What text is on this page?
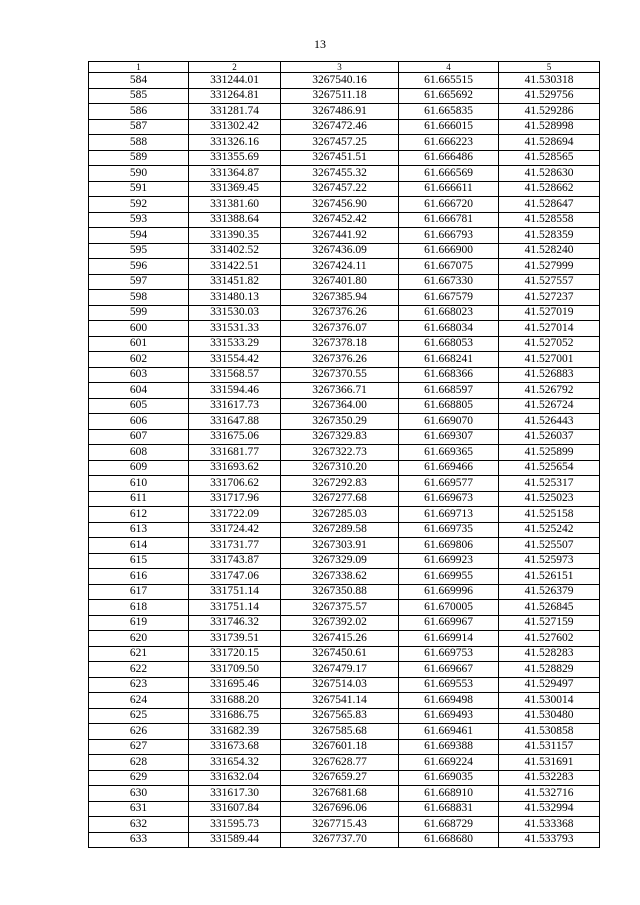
13
1	2	3	4	5
584	331244.01	3267540.16	61.665515	41.530318
585	331264.81	3267511.18	61.665692	41.529756
586	331281.74	3267486.91	61.665835	41.529286
587	331302.42	3267472.46	61.666015	41.528998
588	331326.16	3267457.25	61.666223	41.528694
589	331355.69	3267451.51	61.666486	41.528565
590	331364.87	3267455.32	61.666569	41.528630
591	331369.45	3267457.22	61.666611	41.528662
592	331381.60	3267456.90	61.666720	41.528647
593	331388.64	3267452.42	61.666781	41.528558
594	331390.35	3267441.92	61.666793	41.528359
595	331402.52	3267436.09	61.666900	41.528240
596	331422.51	3267424.11	61.667075	41.527999
597	331451.82	3267401.80	61.667330	41.527557
598	331480.13	3267385.94	61.667579	41.527237
599	331530.03	3267376.26	61.668023	41.527019
600	331531.33	3267376.07	61.668034	41.527014
601	331533.29	3267378.18	61.668053	41.527052
602	331554.42	3267376.26	61.668241	41.527001
603	331568.57	3267370.55	61.668366	41.526883
604	331594.46	3267366.71	61.668597	41.526792
605	331617.73	3267364.00	61.668805	41.526724
606	331647.88	3267350.29	61.669070	41.526443
607	331675.06	3267329.83	61.669307	41.526037
608	331681.77	3267322.73	61.669365	41.525899
609	331693.62	3267310.20	61.669466	41.525654
610	331706.62	3267292.83	61.669577	41.525317
611	331717.96	3267277.68	61.669673	41.525023
612	331722.09	3267285.03	61.669713	41.525158
613	331724.42	3267289.58	61.669735	41.525242
614	331731.77	3267303.91	61.669806	41.525507
615	331743.87	3267329.09	61.669923	41.525973
616	331747.06	3267338.62	61.669955	41.526151
617	331751.14	3267350.88	61.669996	41.526379
618	331751.14	3267375.57	61.670005	41.526845
619	331746.32	3267392.02	61.669967	41.527159
620	331739.51	3267415.26	61.669914	41.527602
621	331720.15	3267450.61	61.669753	41.528283
622	331709.50	3267479.17	61.669667	41.528829
623	331695.46	3267514.03	61.669553	41.529497
624	331688.20	3267541.14	61.669498	41.530014
625	331686.75	3267565.83	61.669493	41.530480
626	331682.39	3267585.68	61.669461	41.530858
627	331673.68	3267601.18	61.669388	41.531157
628	331654.32	3267628.77	61.669224	41.531691
629	331632.04	3267659.27	61.669035	41.532283
630	331617.30	3267681.68	61.668910	41.532716
631	331607.84	3267696.06	61.668831	41.532994
632	331595.73	3267715.43	61.668729	41.533368
633	331589.44	3267737.70	61.668680	41.533793
